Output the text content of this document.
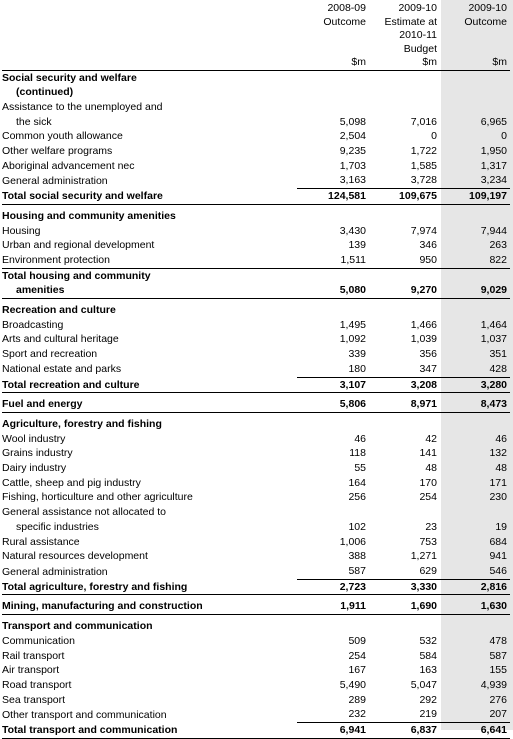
	2008-09	2009-10	2009-10
	Outcome	Estimate at	Outcome
		2010-11	
		Budget	
	$m	$m	$m
Social security and welfare			
(continued)			
Assistance to the unemployed and			
the sick	5,098	7,016	6,965
Common youth allowance	2,504	0	0
Other welfare programs	9,235	1,722	1,950
Aboriginal advancement nec	1,703	1,585	1,317
General administration	3,163	3,728	3,234
Total social security and welfare	124,581	109,675	109,197

Housing and community amenities			
Housing	3,430	7,974	7,944
Urban and regional development	139	346	263
Environment protection	1,511	950	822
Total housing and community			
amenities	5,080	9,270	9,029

Recreation and culture			
Broadcasting	1,495	1,466	1,464
Arts and cultural heritage	1,092	1,039	1,037
Sport and recreation	339	356	351
National estate and parks	180	347	428
Total recreation and culture	3,107	3,208	3,280

Fuel and energy	5,806	8,971	8,473

Agriculture, forestry and fishing			
Wool industry	46	42	46
Grains industry	118	141	132
Dairy industry	55	48	48
Cattle, sheep and pig industry	164	170	171
Fishing, horticulture and other agriculture	256	254	230
General assistance not allocated to			
specific industries	102	23	19
Rural assistance	1,006	753	684
Natural resources development	388	1,271	941
General administration	587	629	546
Total agriculture, forestry and fishing	2,723	3,330	2,816

Mining, manufacturing and construction	1,911	1,690	1,630

Transport and communication			
Communication	509	532	478
Rail transport	254	584	587
Air transport	167	163	155
Road transport	5,490	5,047	4,939
Sea transport	289	292	276
Other transport and communication	232	219	207
Total transport and communication	6,941	6,837	6,641
